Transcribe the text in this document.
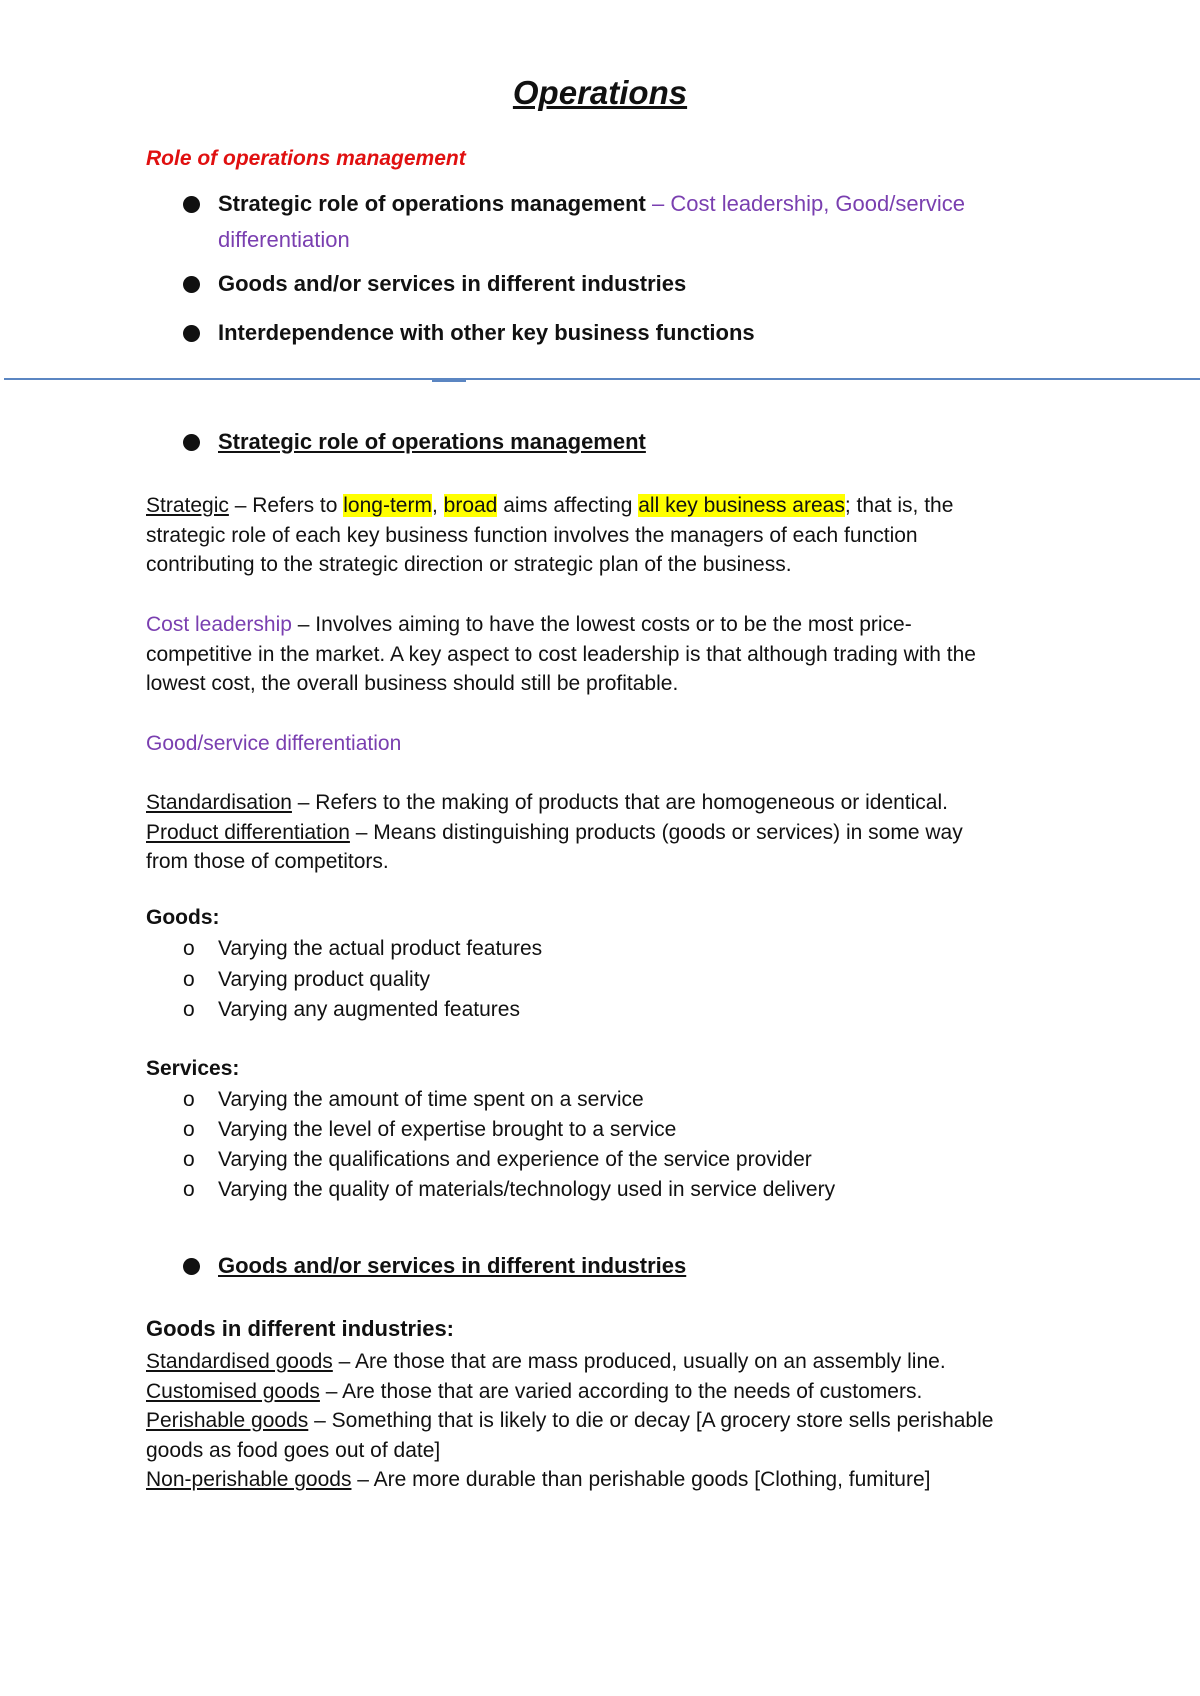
Operations
Role of operations management
Strategic role of operations management – Cost leadership, Good/service
differentiation
Goods and/or services in different industries
Interdependence with other key business functions
Strategic role of operations management
Strategic – Refers to long-term, broad aims affecting all key business areas; that is, the
strategic role of each key business function involves the managers of each function
contributing to the strategic direction or strategic plan of the business.
Cost leadership – Involves aiming to have the lowest costs or to be the most price-
competitive in the market. A key aspect to cost leadership is that although trading with the
lowest cost, the overall business should still be profitable.
Good/service differentiation
Standardisation – Refers to the making of products that are homogeneous or identical.
Product differentiation – Means distinguishing products (goods or services) in some way
from those of competitors.
Goods:
o Varying the actual product features
o Varying product quality
o Varying any augmented features
Services:
o Varying the amount of time spent on a service
o Varying the level of expertise brought to a service
o Varying the qualifications and experience of the service provider
o Varying the quality of materials/technology used in service delivery
Goods and/or services in different industries
Goods in different industries:
Standardised goods – Are those that are mass produced, usually on an assembly line.
Customised goods – Are those that are varied according to the needs of customers.
Perishable goods – Something that is likely to die or decay [A grocery store sells perishable
goods as food goes out of date]
Non-perishable goods – Are more durable than perishable goods [Clothing, fumiture]
